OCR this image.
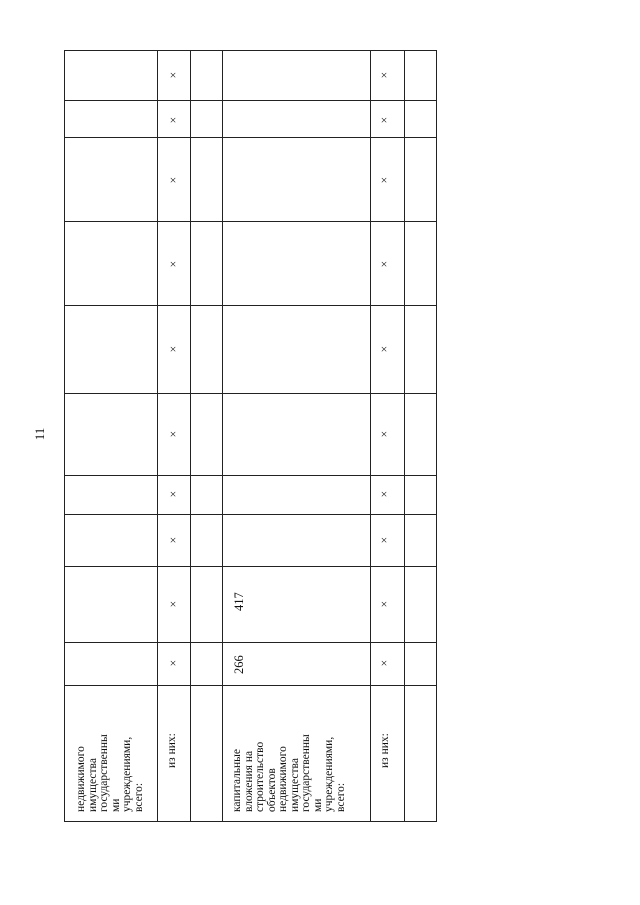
11
недвижимого имущества государственны ми учреждениями, всего:
из них:	капитальные вложения на строительство объектов недвижимого имущества государственны ми учреждениями, всего:
из них:
266
417
×
×
×
×
×
×
×
×
×
×
×
×
×
×
×
×
×
×
×
×
